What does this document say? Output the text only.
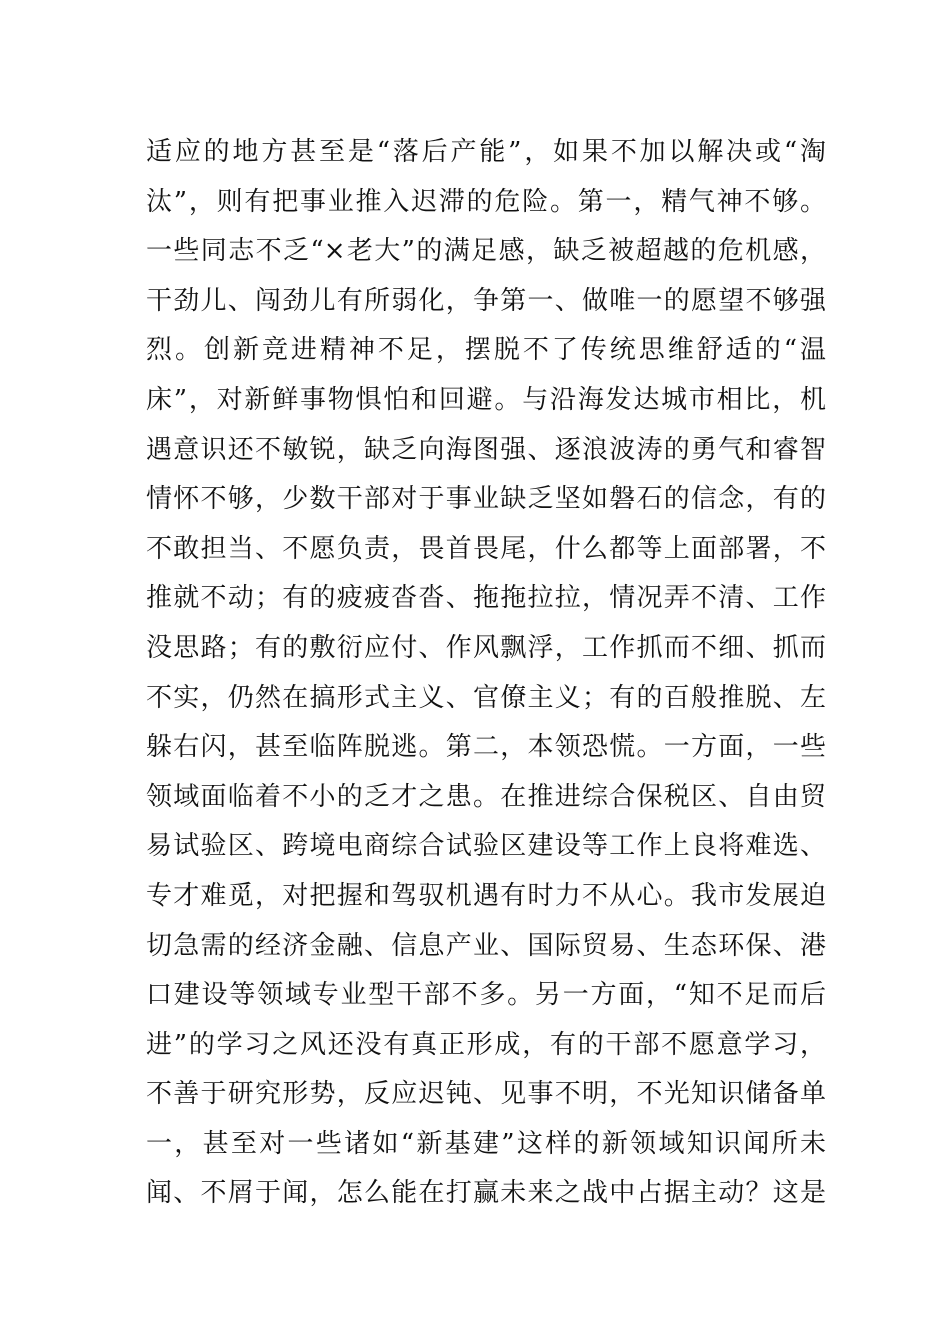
适应的地方甚至是“落后产能”，如果不加以解决或“淘
汰”，则有把事业推入迟滞的危险。第一，精气神不够。
一些同志不乏“×老大”的满足感，缺乏被超越的危机感，
干劲儿、闯劲儿有所弱化，争第一、做唯一的愿望不够强
烈。创新竞进精神不足，摆脱不了传统思维舒适的“温
床”，对新鲜事物惧怕和回避。与沿海发达城市相比，机
遇意识还不敏锐，缺乏向海图强、逐浪波涛的勇气和睿智
情怀不够，少数干部对于事业缺乏坚如磐石的信念，有的
不敢担当、不愿负责，畏首畏尾，什么都等上面部署，不
推就不动；有的疲疲沓沓、拖拖拉拉，情况弄不清、工作
没思路；有的敷衍应付、作风飘浮，工作抓而不细、抓而
不实，仍然在搞形式主义、官僚主义；有的百般推脱、左
躲右闪，甚至临阵脱逃。第二，本领恐慌。一方面，一些
领域面临着不小的乏才之患。在推进综合保税区、自由贸
易试验区、跨境电商综合试验区建设等工作上良将难选、
专才难觅，对把握和驾驭机遇有时力不从心。我市发展迫
切急需的经济金融、信息产业、国际贸易、生态环保、港
口建设等领域专业型干部不多。另一方面，“知不足而后
进”的学习之风还没有真正形成，有的干部不愿意学习，
不善于研究形势，反应迟钝、见事不明，不光知识储备单
一，甚至对一些诸如“新基建”这样的新领域知识闻所未
闻、不屑于闻，怎么能在打赢未来之战中占据主动？这是
